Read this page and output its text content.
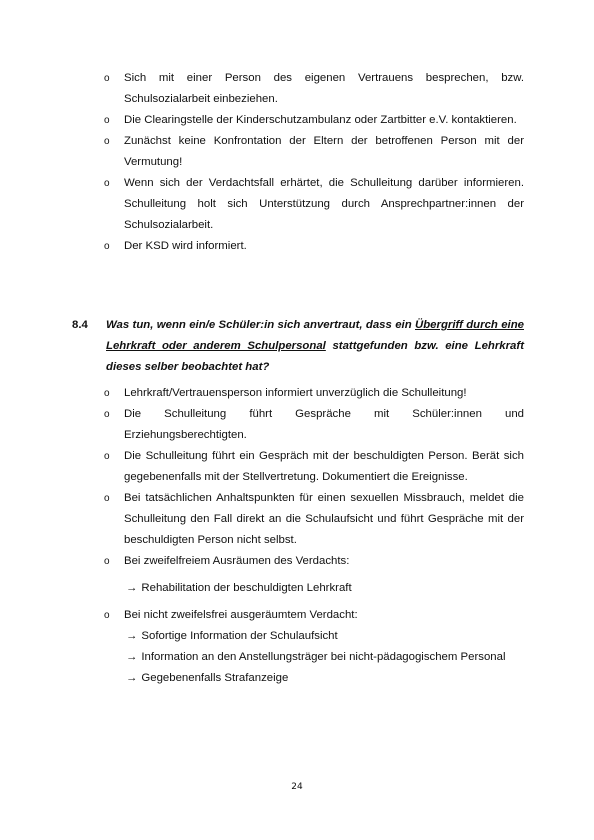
o Sich mit einer Person des eigenen Vertrauens besprechen, bzw. Schulsozialarbeit einbeziehen.
o Die Clearingstelle der Kinderschutzambulanz oder Zartbitter e.V. kontaktieren.
o Zunächst keine Konfrontation der Eltern der betroffenen Person mit der Vermutung!
o Wenn sich der Verdachtsfall erhärtet, die Schulleitung darüber informieren. Schulleitung holt sich Unterstützung durch Ansprechpartner:innen der Schulsozialarbeit.
o Der KSD wird informiert.
8.4 Was tun, wenn ein/e Schüler:in sich anvertraut, dass ein Übergriff durch eine Lehrkraft oder anderem Schulpersonal stattgefunden bzw. eine Lehrkraft dieses selber beobachtet hat?
o Lehrkraft/Vertrauensperson informiert unverzüglich die Schulleitung!
o Die Schulleitung führt Gespräche mit Schüler:innen und Erziehungsberechtigten.
o Die Schulleitung führt ein Gespräch mit der beschuldigten Person. Berät sich gegebenenfalls mit der Stellvertretung. Dokumentiert die Ereignisse.
o Bei tatsächlichen Anhaltspunkten für einen sexuellen Missbrauch, meldet die Schulleitung den Fall direkt an die Schulaufsicht und führt Gespräche mit der beschuldigten Person nicht selbst.
o Bei zweifelfreiem Ausräumen des Verdachts:
→ Rehabilitation der beschuldigten Lehrkraft
o Bei nicht zweifelsfrei ausgeräumtem Verdacht:
→ Sofortige Information der Schulaufsicht
→ Information an den Anstellungsträger bei nicht-pädagogischem Personal
→ Gegebenenfalls Strafanzeige
24
